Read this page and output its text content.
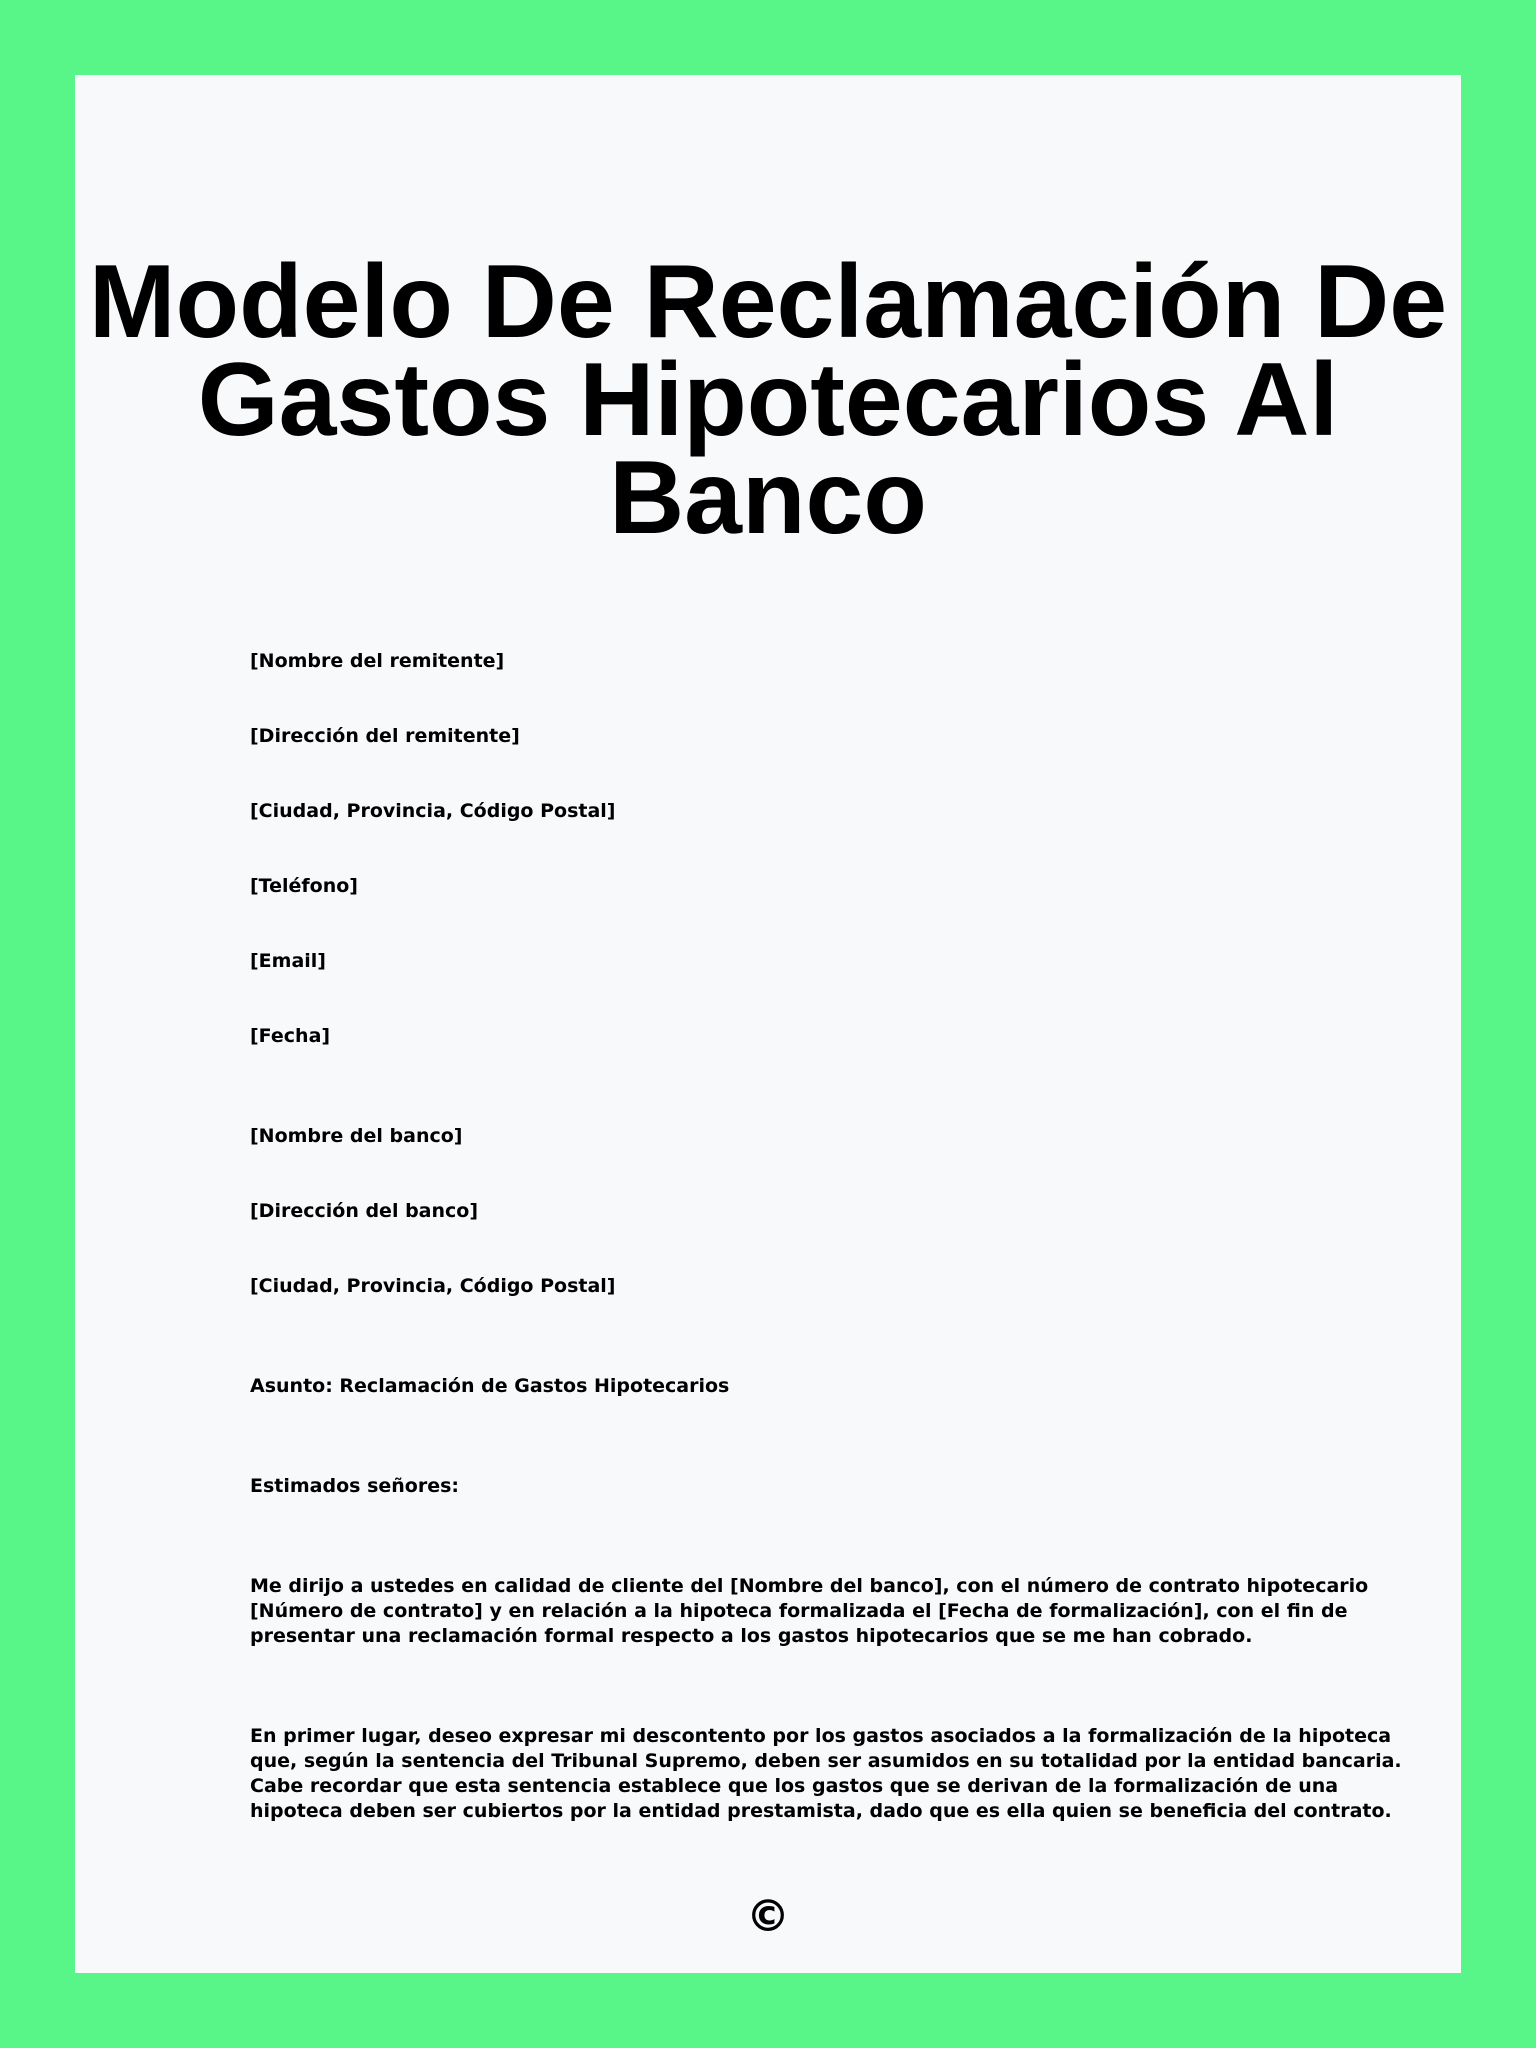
Modelo De Reclamación De
Gastos Hipotecarios Al
Banco

[Nombre del remitente]

[Dirección del remitente]

[Ciudad, Provincia, Código Postal]

[Teléfono]

[Email]

[Fecha]

[Nombre del banco]

[Dirección del banco]

[Ciudad, Provincia, Código Postal]

Asunto: Reclamación de Gastos Hipotecarios

Estimados señores:

Me dirijo a ustedes en calidad de cliente del [Nombre del banco], con el número de contrato hipotecario
[Número de contrato] y en relación a la hipoteca formalizada el [Fecha de formalización], con el fin de
presentar una reclamación formal respecto a los gastos hipotecarios que se me han cobrado.
En primer lugar, deseo expresar mi descontento por los gastos asociados a la formalización de la hipoteca
que, según la sentencia del Tribunal Supremo, deben ser asumidos en su totalidad por la entidad bancaria.
Cabe recordar que esta sentencia establece que los gastos que se derivan de la formalización de una
hipoteca deben ser cubiertos por la entidad prestamista, dado que es ella quien se beneficia del contrato.
©
